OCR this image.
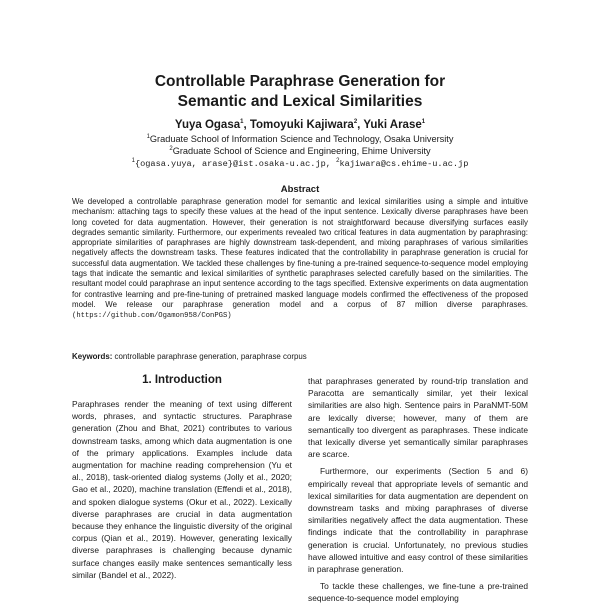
Controllable Paraphrase Generation for
Semantic and Lexical Similarities
Yuya Ogasa$^1$, Tomoyuki Kajiwara$^2$, Yuki Arase$^1$
$^1$Graduate School of Information Science and Technology, Osaka University
$^2$Graduate School of Science and Engineering, Ehime University
$^1${ogasa.yuya, arase}@ist.osaka-u.ac.jp, $^2$kajiwara@cs.ehime-u.ac.jp
Abstract
We developed a controllable paraphrase generation model for semantic and lexical similarities using a simple and intuitive mechanism: attaching tags to specify these values at the head of the input sentence. Lexically diverse paraphrases have been long coveted for data augmentation. However, their generation is not straightforward because diversifying surfaces easily degrades semantic similarity. Furthermore, our experiments revealed two critical features in data augmentation by paraphrasing: appropriate similarities of paraphrases are highly downstream task-dependent, and mixing paraphrases of various similarities negatively affects the downstream tasks. These features indicated that the controllability in paraphrase generation is crucial for successful data augmentation. We tackled these challenges by fine-tuning a pre-trained sequence-to-sequence model employing tags that indicate the semantic and lexical similarities of synthetic paraphrases selected carefully based on the similarities. The resultant model could paraphrase an input sentence according to the tags specified. Extensive experiments on data augmentation for contrastive learning and pre-fine-tuning of pretrained masked language models confirmed the effectiveness of the proposed model. We release our paraphrase generation model and a corpus of 87 million diverse paraphrases. (https://github.com/Ogamon958/ConPGS)
Keywords: controllable paraphrase generation, paraphrase corpus
1. Introduction

Paraphrases render the meaning of text using different words, phrases, and syntactic structures. Paraphrase generation (Zhou and Bhat, 2021) contributes to various downstream tasks, among which data augmentation is one of the primary applications. Examples include data augmentation for machine reading comprehension (Yu et al., 2018), task-oriented dialog systems (Jolly et al., 2020; Gao et al., 2020), machine translation (Effendi et al., 2018), and spoken dialogue systems (Okur et al., 2022). Lexically diverse paraphrases are crucial in data augmentation because they enhance the linguistic diversity of the original corpus (Qian et al., 2019). However, generating lexically diverse paraphrases is challenging because dynamic surface changes easily make sentences semantically less similar (Bandel et al., 2022).

that paraphrases generated by round-trip translation and Paracotta are semantically similar, yet their lexical similarities are also high. Sentence pairs in ParaNMT-50M are lexically diverse; however, many of them are semantically too divergent as paraphrases. These indicate that lexically diverse yet semantically similar paraphrases are scarce.

Furthermore, our experiments (Section 5 and 6) empirically reveal that appropriate levels of semantic and lexical similarities for data augmentation are dependent on downstream tasks and mixing paraphrases of diverse similarities negatively affect the data augmentation. These findings indicate that the controllability in paraphrase generation is crucial. Unfortunately, no previous studies have allowed intuitive and easy control of these similarities in paraphrase generation.

To tackle these challenges, we fine-tune a pre-trained sequence-to-sequence model employing
